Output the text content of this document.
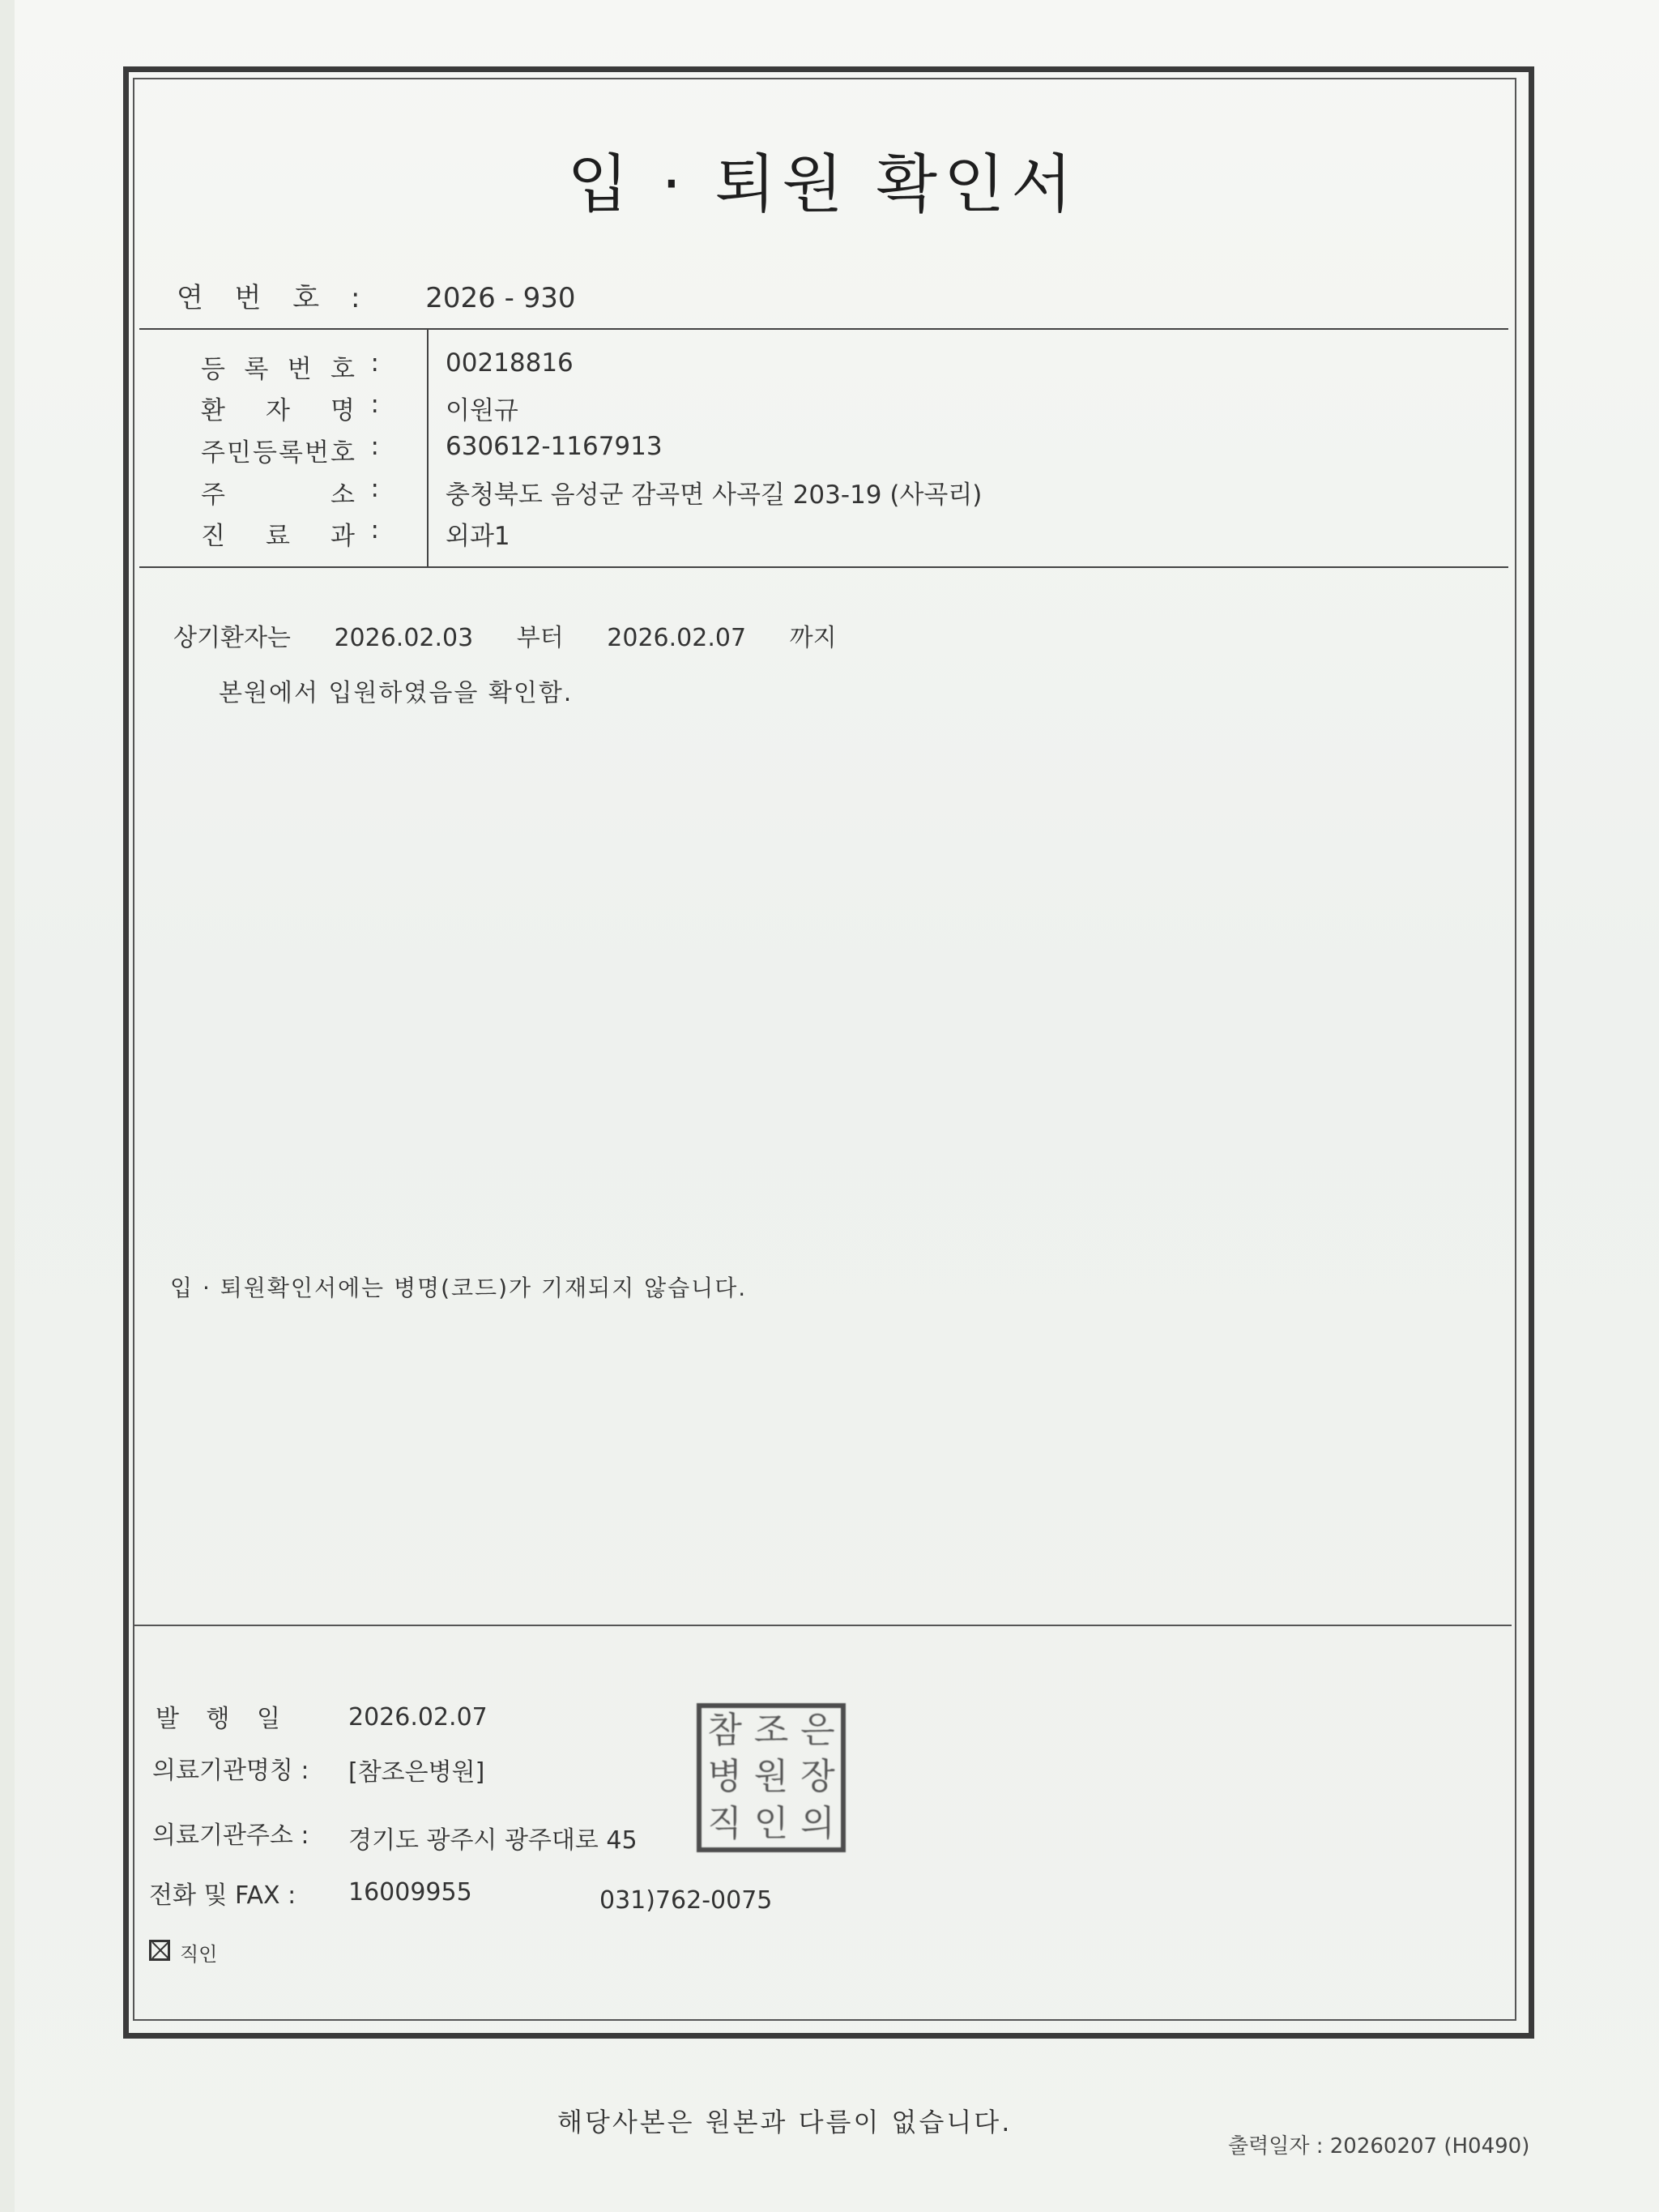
입 · 퇴원 확인서
연 번 호 : 2026 - 930
등 록 번 호 :	00218816
환 자 명 :	이원규
주 민 등 록 번 호 :	630612-1167913
주	소 :	충청북도 음성군 감곡면 사곡길 203-19 (사곡리)
진 료 과 :	외과1
상기환자는 2026.02.03 부터 2026.02.07 까지
본원에서 입원하였음을 확인함.
입 · 퇴원확인서에는 병명(코드)가 기재되지 않습니다.
발 행 일 2026.02.07
의료기관명칭 : [참조은병원]
의료기관주소 : 경기도 광주시 광주대로 45
전화 및 FAX : 16009955	031)762-0075
참 조 은
병 원 장
직 인 의
직인
해당사본은 원본과 다름이 없습니다.
출력일자 : 20260207 (H0490)
